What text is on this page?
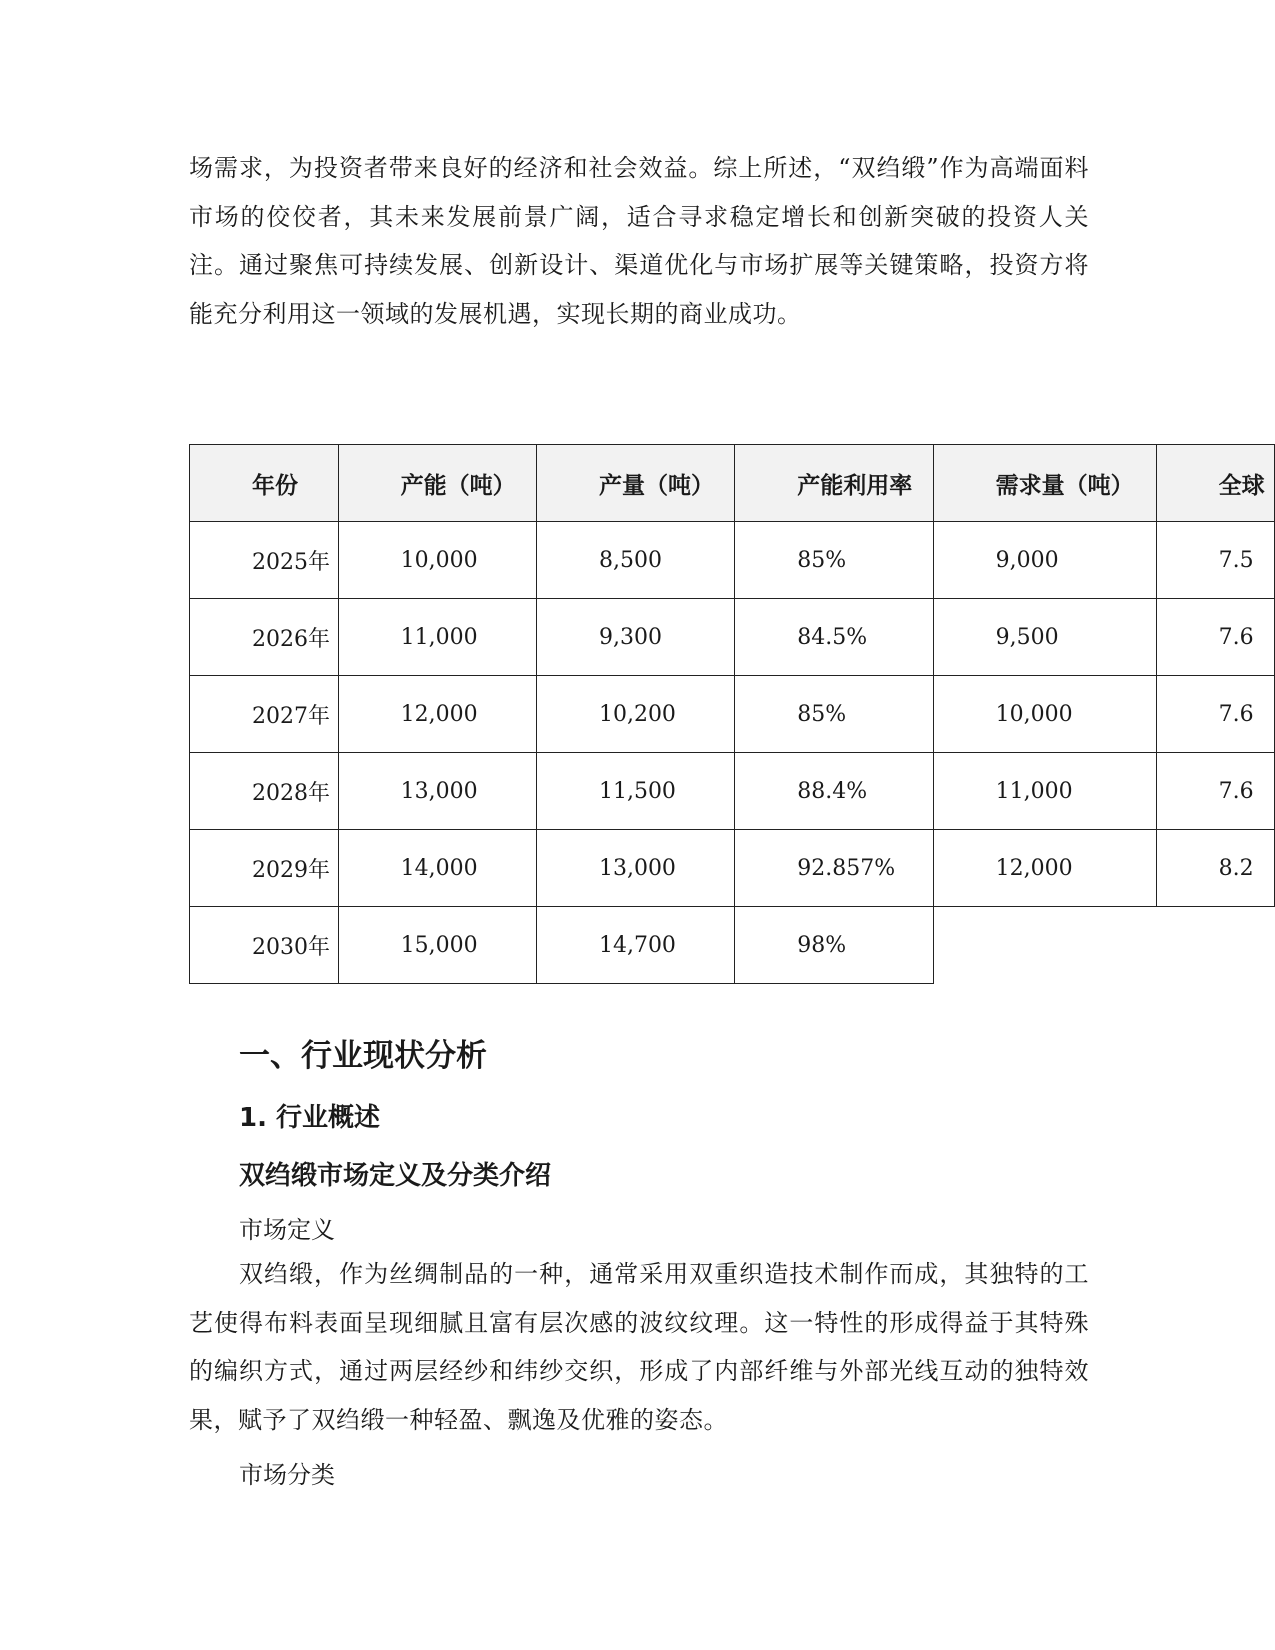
场需求，为投资者带来良好的经济和社会效益。综上所述，“双绉缎”作为高端面料市场的佼佼者，其未来发展前景广阔，适合寻求稳定增长和创新突破的投资人关注。通过聚焦可持续发展、创新设计、渠道优化与市场扩展等关键策略，投资方将能充分利用这一领域的发展机遇，实现长期的商业成功。

年份	产能（吨）	产量（吨）	产能利用率	需求量（吨）	全球

2025年	10,000	8,500	85%	9,000	7.5

2026年	11,000	9,300	84.5%	9,500	7.6

2027年	12,000	10,200	85%	10,000	7.6

2028年	13,000	11,500	88.4%	11,000	7.6

2029年	14,000	13,000	92.857%	12,000	8.2

2030年	15,000	14,700	98%		

一、行业现状分析
1. 行业概述
双绉缎市场定义及分类介绍

市场定义

双绉缎，作为丝绸制品的一种，通常采用双重织造技术制作而成，其独特的工艺使得布料表面呈现细腻且富有层次感的波纹纹理。这一特性的形成得益于其特殊的编织方式，通过两层经纱和纬纱交织，形成了内部纤维与外部光线互动的独特效果，赋予了双绉缎一种轻盈、飘逸及优雅的姿态。

市场分类
